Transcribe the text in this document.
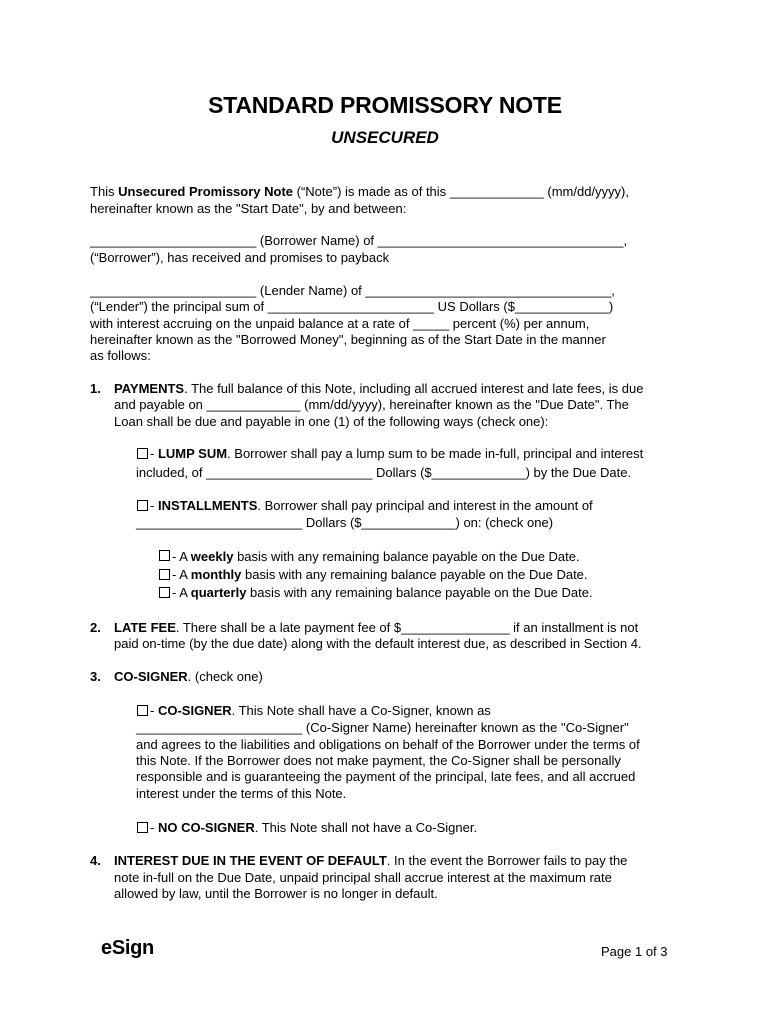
STANDARD PROMISSORY NOTE
UNSECURED
This Unsecured Promissory Note (“Note”) is made as of this _____________ (mm/dd/yyyy),
hereinafter known as the "Start Date", by and between:
_______________________ (Borrower Name) of __________________________________,
(“Borrower”), has received and promises to payback
_______________________ (Lender Name) of __________________________________,
(“Lender”) the principal sum of _______________________ US Dollars ($_____________)
with interest accruing on the unpaid balance at a rate of _____ percent (%) per annum,
hereinafter known as the "Borrowed Money", beginning as of the Start Date in the manner
as follows:
1. PAYMENTS. The full balance of this Note, including all accrued interest and late fees, is due
and payable on _____________ (mm/dd/yyyy), hereinafter known as the "Due Date". The
Loan shall be due and payable in one (1) of the following ways (check one):
- LUMP SUM. Borrower shall pay a lump sum to be made in-full, principal and interest
included, of _______________________ Dollars ($_____________) by the Due Date.
- INSTALLMENTS. Borrower shall pay principal and interest in the amount of
_______________________ Dollars ($_____________) on: (check one)
- A weekly basis with any remaining balance payable on the Due Date.
- A monthly basis with any remaining balance payable on the Due Date.
- A quarterly basis with any remaining balance payable on the Due Date.
2. LATE FEE. There shall be a late payment fee of $_______________ if an installment is not
paid on-time (by the due date) along with the default interest due, as described in Section 4.
3. CO-SIGNER. (check one)
- CO-SIGNER. This Note shall have a Co-Signer, known as
_______________________ (Co-Signer Name) hereinafter known as the "Co-Signer"
and agrees to the liabilities and obligations on behalf of the Borrower under the terms of
this Note. If the Borrower does not make payment, the Co-Signer shall be personally
responsible and is guaranteeing the payment of the principal, late fees, and all accrued
interest under the terms of this Note.
- NO CO-SIGNER. This Note shall not have a Co-Signer.
4. INTEREST DUE IN THE EVENT OF DEFAULT. In the event the Borrower fails to pay the
note in-full on the Due Date, unpaid principal shall accrue interest at the maximum rate
allowed by law, until the Borrower is no longer in default.
eSign	Page 1 of 3
